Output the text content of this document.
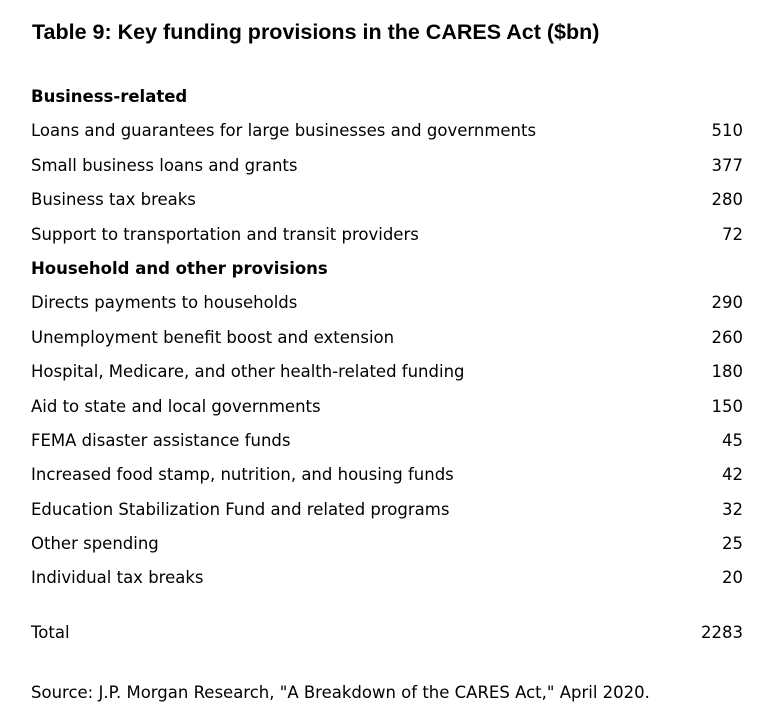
Table 9: Key funding provisions in the CARES Act ($bn)
Business-related
Loans and guarantees for large businesses and governments	510
Small business loans and grants	377
Business tax breaks	280
Support to transportation and transit providers	72
Household and other provisions
Directs payments to households	290
Unemployment benefit boost and extension	260
Hospital, Medicare, and other health-related funding	180
Aid to state and local governments	150
FEMA disaster assistance funds	45
Increased food stamp, nutrition, and housing funds	42
Education Stabilization Fund and related programs	32
Other spending	25
Individual tax breaks	20
Total	2283
Source: J.P. Morgan Research, "A Breakdown of the CARES Act," April 2020.
